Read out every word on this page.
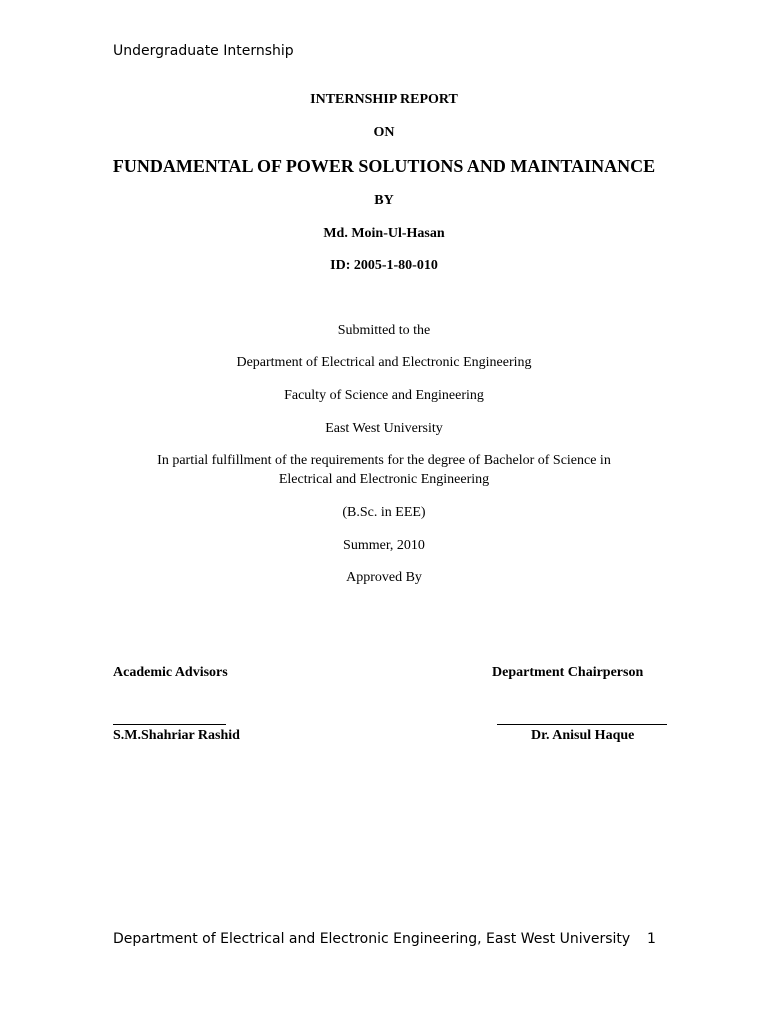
Undergraduate Internship
INTERNSHIP REPORT
ON
FUNDAMENTAL OF POWER SOLUTIONS AND MAINTAINANCE
BY
Md. Moin-Ul-Hasan
ID: 2005-1-80-010
Submitted to the
Department of Electrical and Electronic Engineering
Faculty of Science and Engineering
East West University
In partial fulfillment of the requirements for the degree of Bachelor of Science in
Electrical and Electronic Engineering
(B.Sc. in EEE)
Summer, 2010
Approved By
Academic Advisors	Department Chairperson
S.M.Shahriar Rashid	Dr. Anisul Haque
Department of Electrical and Electronic Engineering, East West University 1
